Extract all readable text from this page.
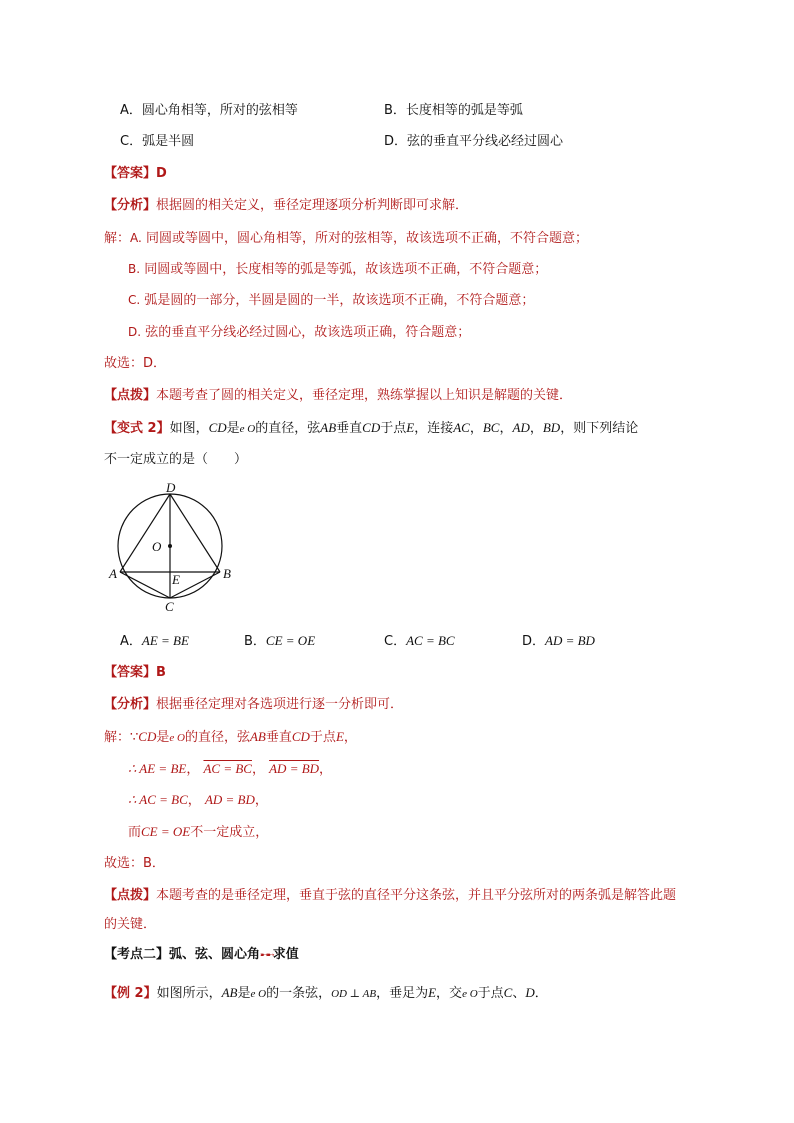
A．圆心角相等，所对的弦相等	B．长度相等的弧是等弧
C．弧是半圆	D．弦的垂直平分线必经过圆心
【答案】D
【分析】根据圆的相关定义，垂径定理逐项分析判断即可求解．
解：A. 同圆或等圆中，圆心角相等，所对的弦相等，故该选项不正确，不符合题意；
B. 同圆或等圆中，长度相等的弧是等弧，故该选项不正确，不符合题意；
C. 弧是圆的一部分，半圆是圆的一半，故该选项不正确，不符合题意；
D. 弦的垂直平分线必经过圆心，故该选项正确，符合题意；
故选：D．
【点拨】本题考查了圆的相关定义，垂径定理，熟练掌握以上知识是解题的关键．
【变式 2】如图，CD是e O的直径，弦AB垂直CD于点E，连接AC，BC，AD，BD，则下列结论
不一定成立的是（　　）
D
O
A	E	B
C
A．AE = BE	B．CE = OE	C．AC = BC	D．AD = BD
【答案】B
【分析】根据垂径定理对各选项进行逐一分析即可．
解：∵CD是e O的直径，弦AB垂直CD于点E，
∴ AE = BE， AC = BC， AD = BD，
∴ AC = BC， AD = BD，
而CE = OE不一定成立，
故选：B．
【点拨】本题考查的是垂径定理，垂直于弦的直径平分这条弦，并且平分弦所对的两条弧是解答此题
的关键．
【考点二】弧、弦、圆心角➸➸求值
【例 2】如图所示，AB是e O的一条弦，OD ⊥ AB，垂足为E，交e O于点C、D．
